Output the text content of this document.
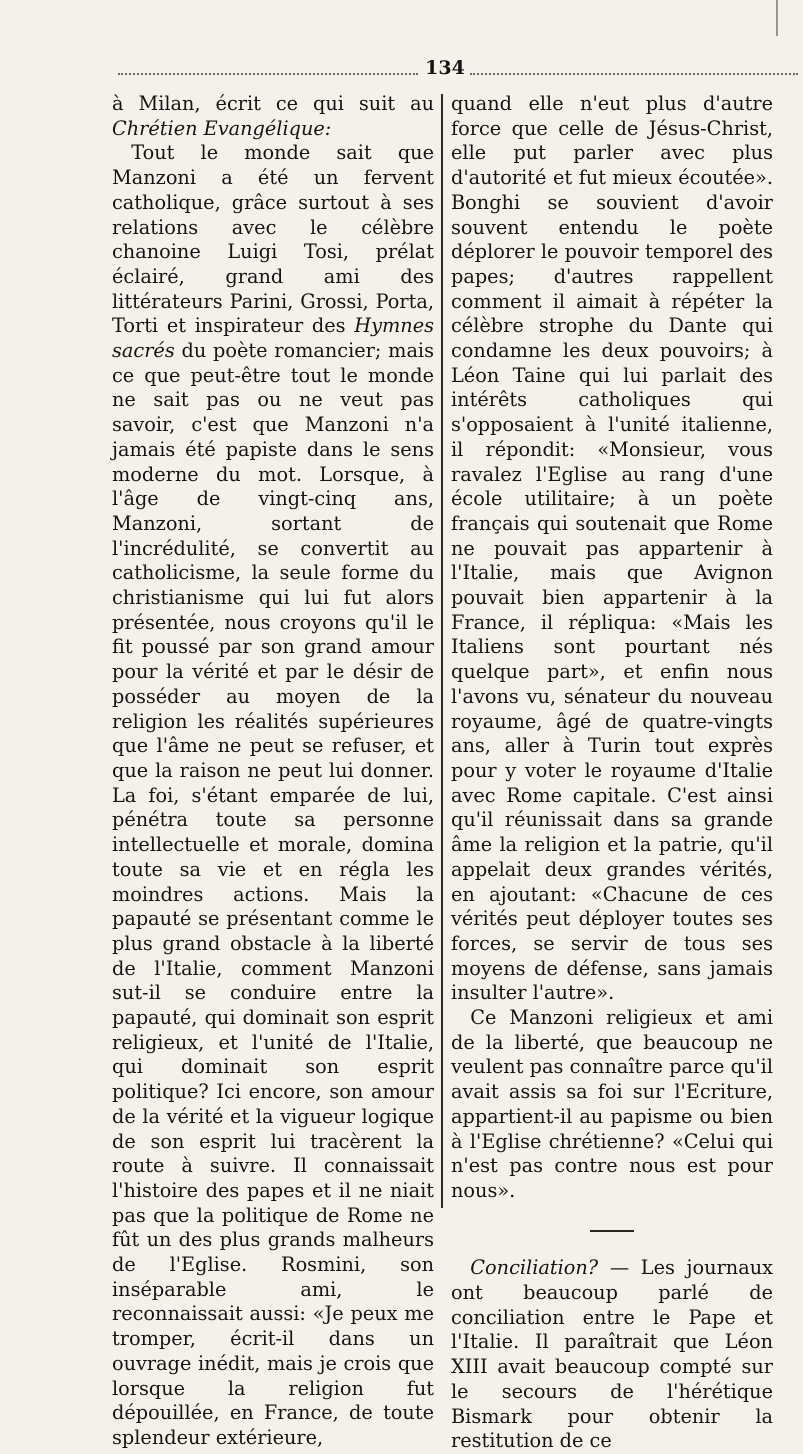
134

à Milan, écrit ce qui suit au Chrétien Evangélique:

Tout le monde sait que Manzoni a été un fervent catholique, grâce surtout à ses relations avec le célèbre chanoine Luigi Tosi, prélat éclairé, grand ami des littérateurs Parini, Grossi, Porta, Torti et inspirateur des Hymnes sacrés du poète romancier; mais ce que peut-être tout le monde ne sait pas ou ne veut pas savoir, c'est que Manzoni n'a jamais été papiste dans le sens moderne du mot. Lorsque, à l'âge de vingt-cinq ans, Manzoni, sortant de l'incrédulité, se convertit au catholicisme, la seule forme du christianisme qui lui fut alors présentée, nous croyons qu'il le fit poussé par son grand amour pour la vérité et par le désir de posséder au moyen de la religion les réalités supérieures que l'âme ne peut se refuser, et que la raison ne peut lui donner. La foi, s'étant emparée de lui, pénétra toute sa personne intellectuelle et morale, domina toute sa vie et en régla les moindres actions. Mais la papauté se présentant comme le plus grand obstacle à la liberté de l'Italie, comment Manzoni sut-il se conduire entre la papauté, qui dominait son esprit religieux, et l'unité de l'Italie, qui dominait son esprit politique? Ici encore, son amour de la vérité et la vigueur logique de son esprit lui tracèrent la route à suivre. Il connaissait l'histoire des papes et il ne niait pas que la politique de Rome ne fût un des plus grands malheurs de l'Eglise. Rosmini, son inséparable ami, le reconnaissait aussi: «Je peux me tromper, écrit-il dans un ouvrage inédit, mais je crois que lorsque la religion fut dépouillée, en France, de toute splendeur extérieure,

quand elle n'eut plus d'autre force que celle de Jésus-Christ, elle put parler avec plus d'autorité et fut mieux écoutée». Bonghi se souvient d'avoir souvent entendu le poète déplorer le pouvoir temporel des papes; d'autres rappellent comment il aimait à répéter la célèbre strophe du Dante qui condamne les deux pouvoirs; à Léon Taine qui lui parlait des intérêts catholiques qui s'opposaient à l'unité italienne, il répondit: «Monsieur, vous ravalez l'Eglise au rang d'une école utilitaire; à un poète français qui soutenait que Rome ne pouvait pas appartenir à l'Italie, mais que Avignon pouvait bien appartenir à la France, il répliqua: «Mais les Italiens sont pourtant nés quelque part», et enfin nous l'avons vu, sénateur du nouveau royaume, âgé de quatre-vingts ans, aller à Turin tout exprès pour y voter le royaume d'Italie avec Rome capitale. C'est ainsi qu'il réunissait dans sa grande âme la religion et la patrie, qu'il appelait deux grandes vérités, en ajoutant: «Chacune de ces vérités peut déployer toutes ses forces, se servir de tous ses moyens de défense, sans jamais insulter l'autre».

Ce Manzoni religieux et ami de la liberté, que beaucoup ne veulent pas connaître parce qu'il avait assis sa foi sur l'Ecriture, appartient-il au papisme ou bien à l'Eglise chrétienne? «Celui qui n'est pas contre nous est pour nous».

Conciliation? — Les journaux ont beaucoup parlé de conciliation entre le Pape et l'Italie. Il paraîtrait que Léon XIII avait beaucoup compté sur le secours de l'hérétique Bismark pour obtenir la restitution de ce
